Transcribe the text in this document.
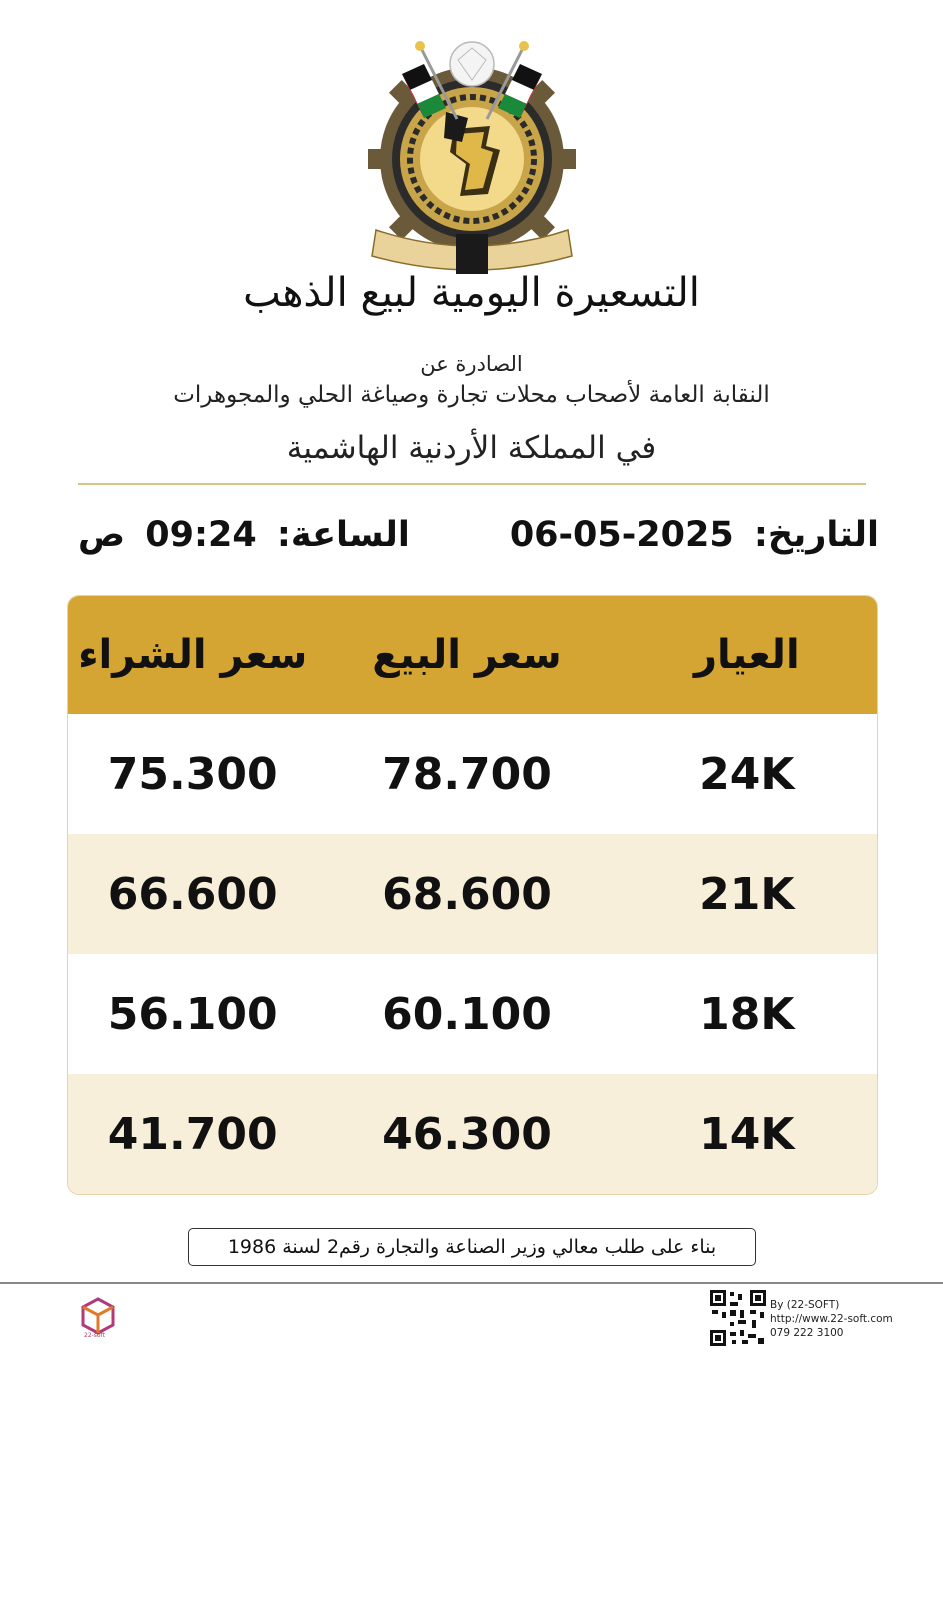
التسعيرة اليومية لبيع الذهب
الصادرة عن
النقابة العامة لأصحاب محلات تجارة وصياغة الحلي والمجوهرات
في المملكة الأردنية الهاشمية
التاريخ: 06-05-2025
الساعة: 09:24 ص
العيار
سعر البيع
سعر الشراء
24K
78.700
75.300
21K
68.600
66.600
18K
60.100
56.100
14K
46.300
41.700
بناء على طلب معالي وزير الصناعة والتجارة رقم2 لسنة 1986
22-soft
By (22-SOFT)
http://www.22-soft.com
079 222 3100
